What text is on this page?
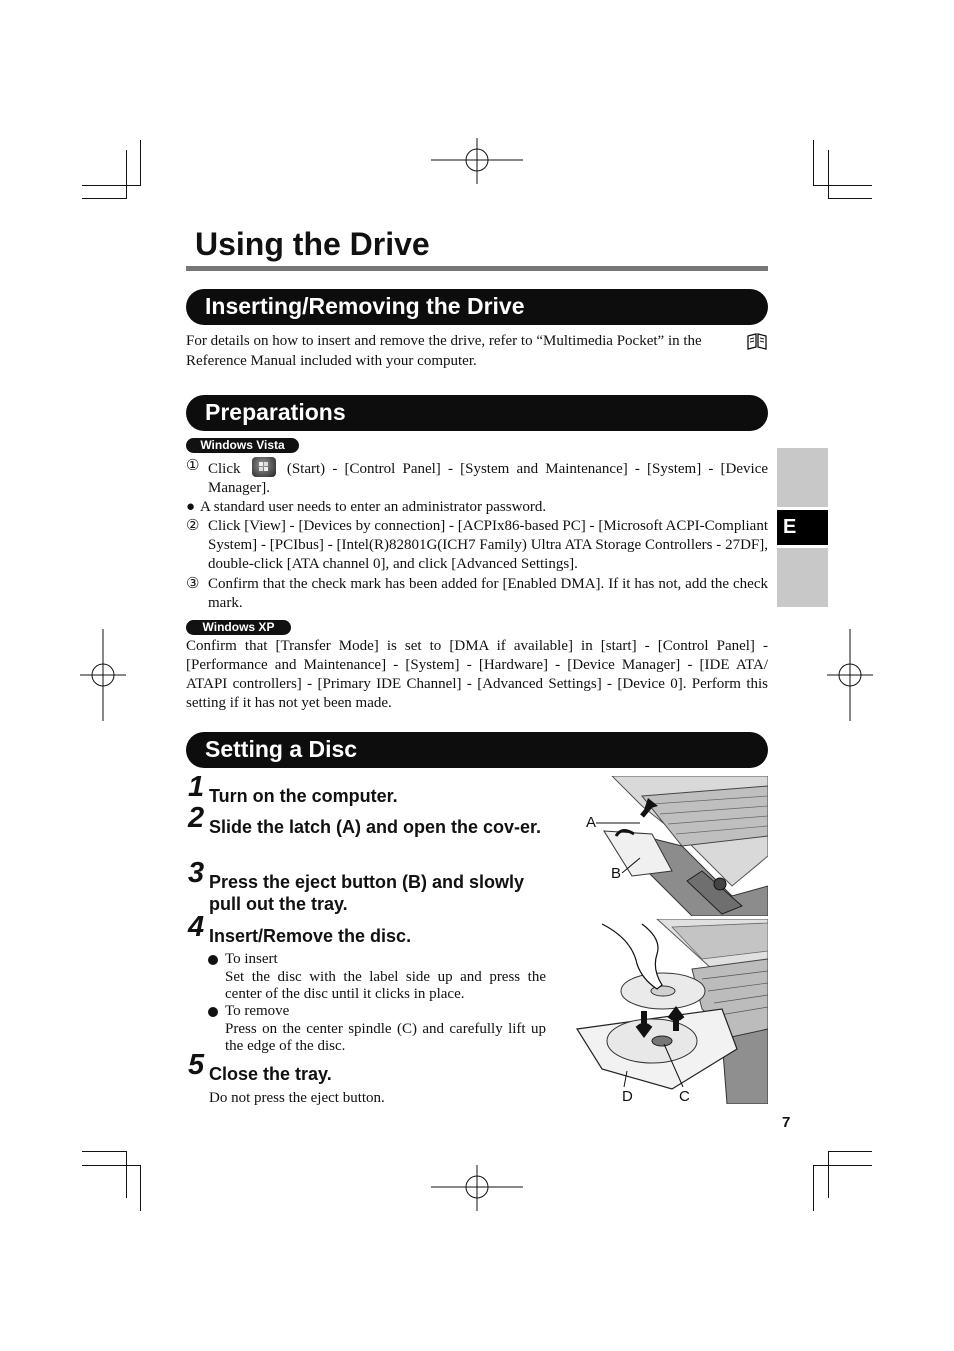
Using the Drive
Inserting/Removing the Drive
For details on how to insert and remove the drive, refer to “Multimedia Pocket” in the
Reference Manual included with your computer.
Preparations
Windows Vista
① Click	(Start) - [Control Panel] - [System and Maintenance] - [System] - [Device Manager].
● A standard user needs to enter an administrator password.
② Click [View] - [Devices by connection] - [ACPIx86-based PC] - [Microsoft ACPI-Compliant System] - [PCIbus] - [Intel(R)82801G(ICH7 Family) Ultra ATA Storage Controllers - 27DF], double-click [ATA channel 0], and click [Advanced Settings].
③ Confirm that the check mark has been added for [Enabled DMA]. If it has not, add the check mark.
Windows XP
Confirm that [Transfer Mode] is set to [DMA if available] in [start] - [Control Panel] - [Performance and Maintenance] - [System] - [Hardware] - [Device Manager] - [IDE ATA/ ATAPI controllers] - [Primary IDE Channel] - [Advanced Settings] - [Device 0]. Perform this setting if it has not yet been made.
Setting a Disc
1 Turn on the computer.
2 Slide the latch (A) and open the cov-er.
3 Press the eject button (B) and slowly pull out the tray.
4 Insert/Remove the disc.
To insert
Set the disc with the label side up and press the center of the disc until it clicks in place.
To remove
Press on the center spindle (C) and carefully lift up the edge of the disc.
5 Close the tray.
Do not press the eject button.
A
B
D	C
E
7
